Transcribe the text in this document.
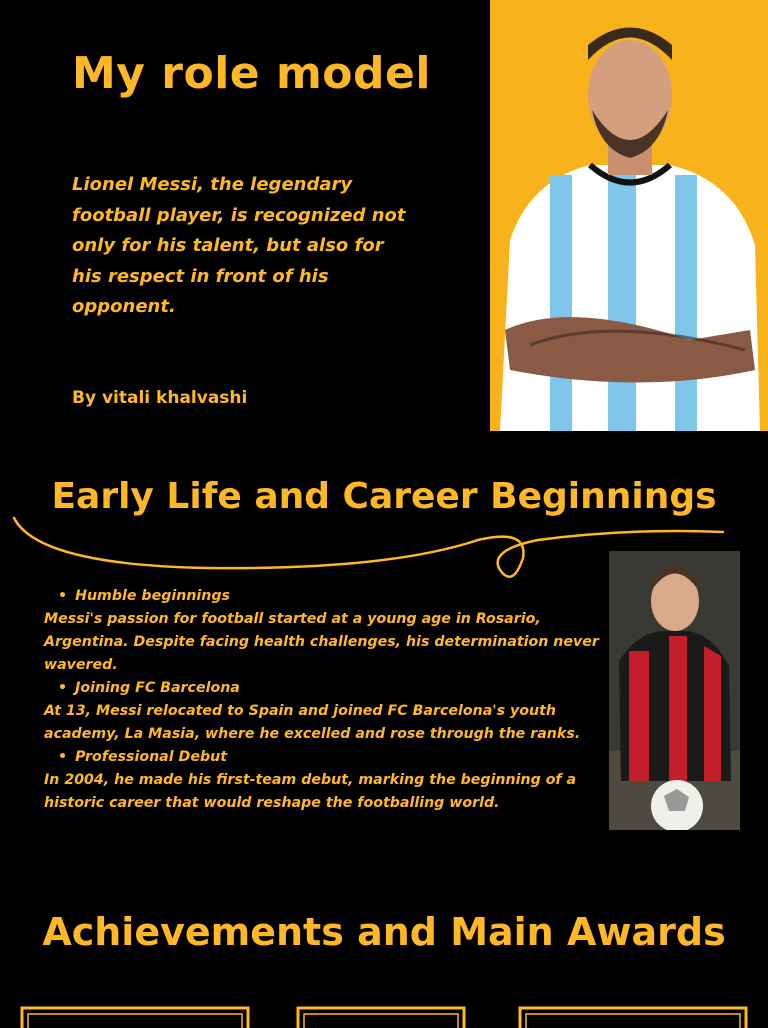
My role model

Lionel Messi, the legendary football player, is recognized not only for his talent, but also for his respect in front of his opponent.

By vitali khalvashi

Early Life and Career Beginnings
• Humble beginnings
Messi's passion for football started at a young age in Rosario, Argentina. Despite facing health challenges, his determination never wavered.
• Joining FC Barcelona
At 13, Messi relocated to Spain and joined FC Barcelona's youth academy, La Masia, where he excelled and rose through the ranks.
• Professional Debut
In 2004, he made his first-team debut, marking the beginning of a historic career that would reshape the footballing world.
Achievements and Main Awards
